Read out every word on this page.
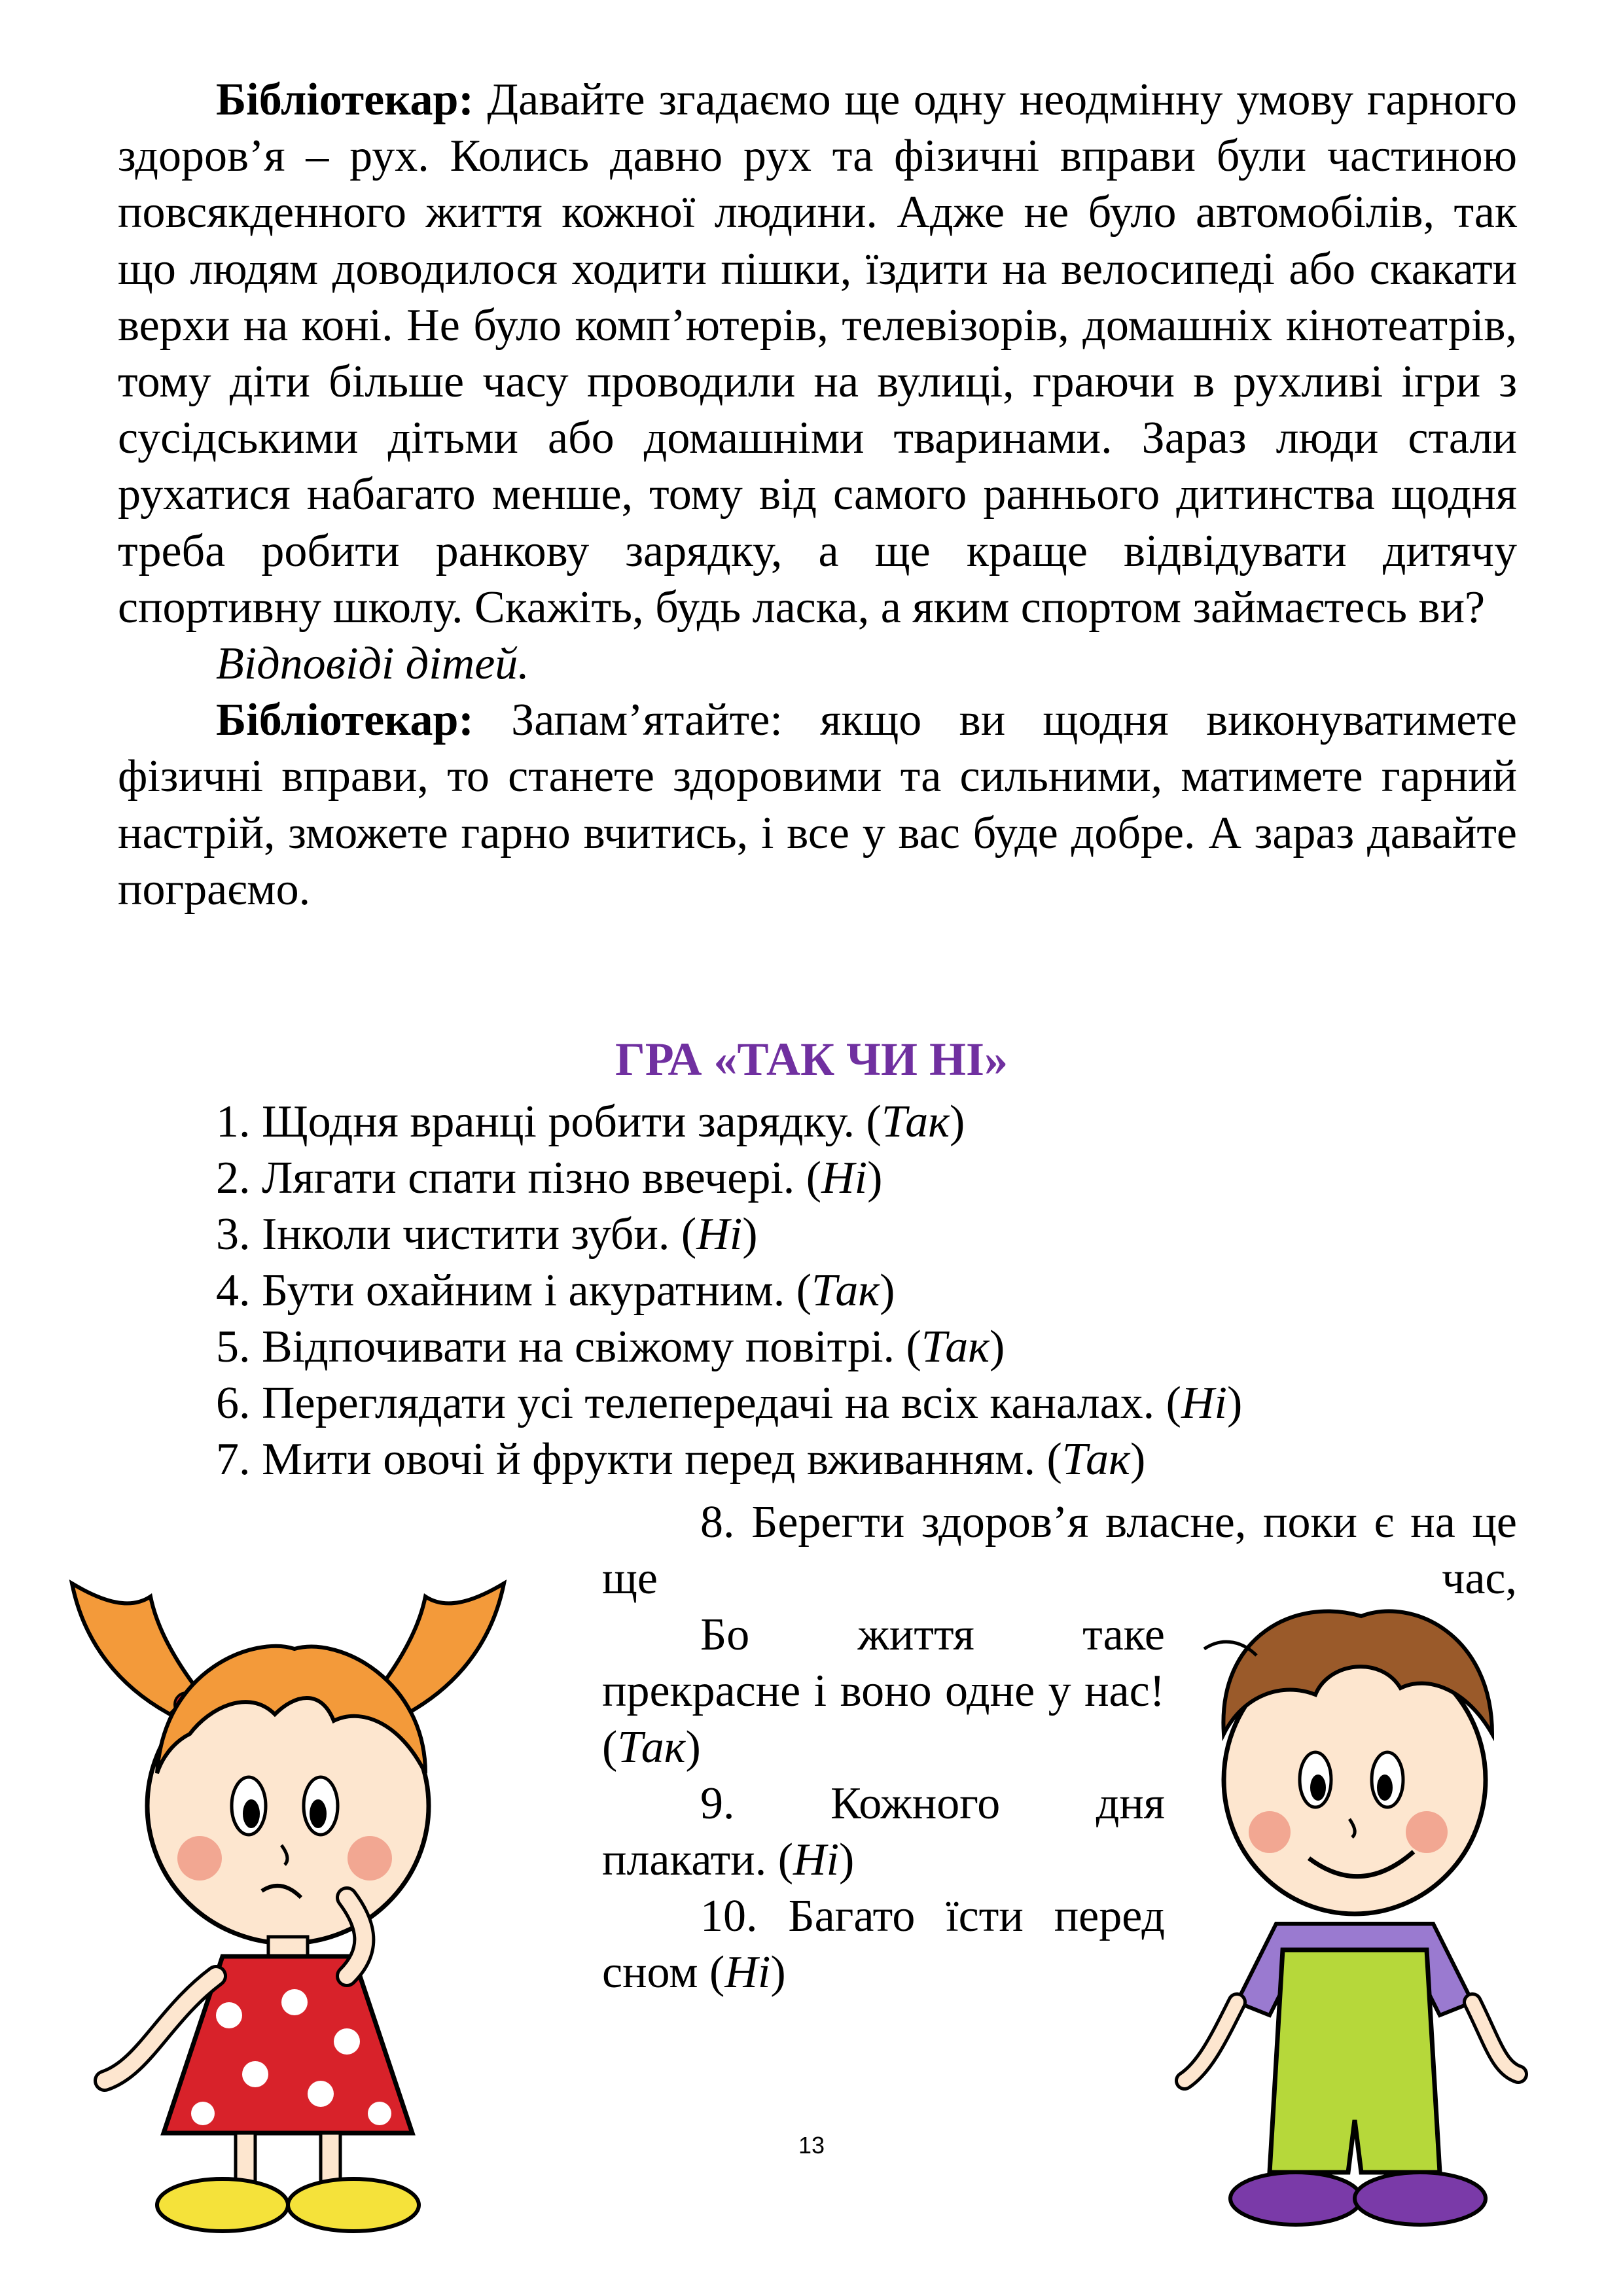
Бібліотекар: Давайте згадаємо ще одну неодмінну умову гарного здоров’я – рух. Колись давно рух та фізичні вправи були частиною повсякденного життя кожної людини. Адже не було автомобілів, так що людям доводилося ходити пішки, їздити на велосипеді або скакати верхи на коні. Не було комп’ютерів, телевізорів, домашніх кінотеатрів, тому діти більше часу проводили на вулиці, граючи в рухливі ігри з сусідськими дітьми або домашніми тваринами. Зараз люди стали рухатися набагато менше, тому від самого раннього дитинства щодня треба робити ранкову зарядку, а ще краще відвідувати дитячу спортивну школу. Скажіть, будь ласка, а яким спортом займаєтесь ви?

Відповіді дітей.

Бібліотекар: Запам’ятайте: якщо ви щодня виконуватимете фізичні вправи, то станете здоровими та сильними, матимете гарний настрій, зможете гарно вчитись, і все у вас буде добре. А зараз давайте пограємо.

ГРА «ТАК ЧИ НІ»
1. Щодня вранці робити зарядку. (Так)
2. Лягати спати пізно ввечері. (Ні)
3. Інколи чистити зуби. (Ні)
4. Бути охайним і акуратним. (Так)
5. Відпочивати на свіжому повітрі. (Так)
6. Переглядати усі телепередачі на всіх каналах. (Ні)
7. Мити овочі й фрукти перед вживанням. (Так)

8. Берегти здоров’я власне, поки є на це ще час,

Бо життя таке прекрасне і воно одне у нас! (Так)

9. Кожного дня плакати. (Ні)

10. Багато їсти перед сном (Ні)

13
